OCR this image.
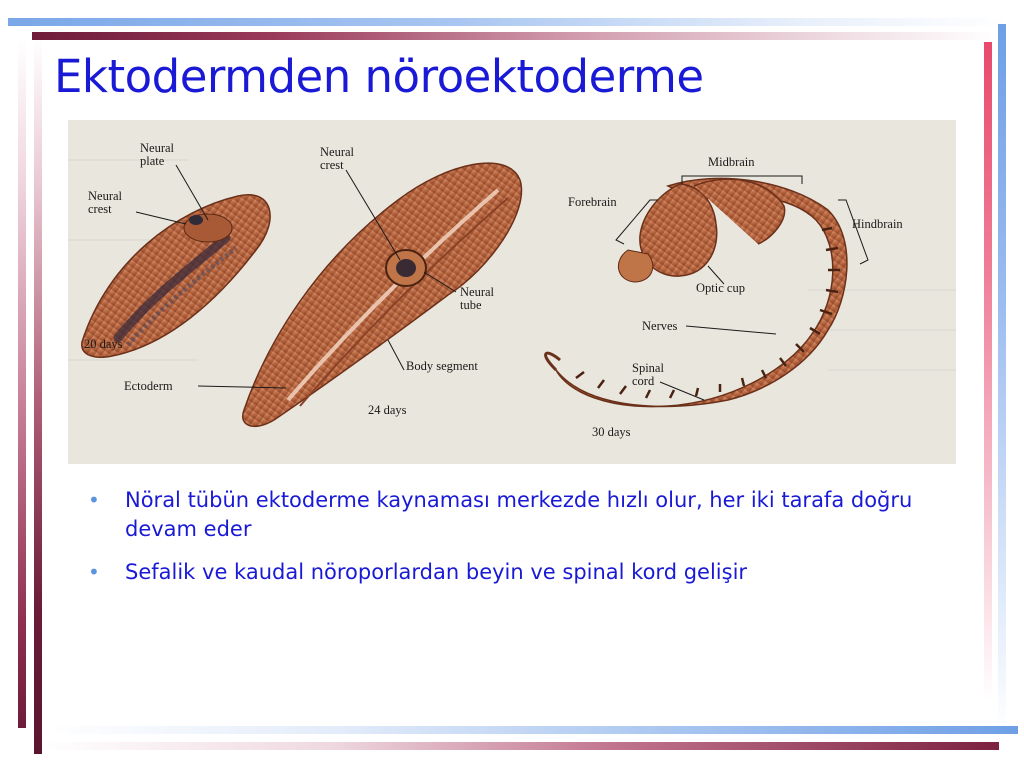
Ektodermden nöroektoderme
Neural
plate
Neural
crest
20 days
Neural
crest
Neural
tube
Body segment
Ectoderm
24 days
Midbrain
Forebrain
Hindbrain
Optic cup
Nerves
Spinal
cord
30 days
• Nöral tübün ektoderme kaynaması merkezde hızlı olur, her iki tarafa doğru devam eder
• Sefalik ve kaudal nöroporlardan beyin ve spinal kord gelişir
